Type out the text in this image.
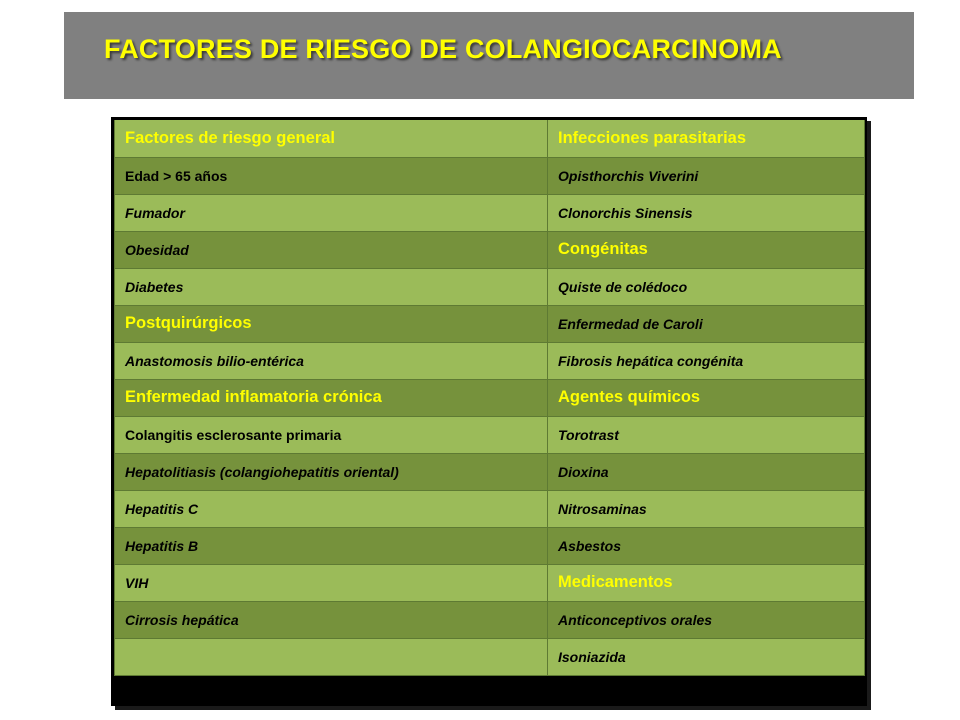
FACTORES DE RIESGO DE COLANGIOCARCINOMA
Factores de riesgo general	Infecciones parasitarias
Edad > 65 años	Opisthorchis Viverini
Fumador	Clonorchis Sinensis
Obesidad	Congénitas
Diabetes	Quiste de colédoco
Postquirúrgicos	Enfermedad de Caroli
Anastomosis bilio-entérica	Fibrosis hepática congénita
Enfermedad inflamatoria crónica	Agentes químicos
Colangitis esclerosante primaria	Torotrast
Hepatolitiasis (colangiohepatitis oriental)	Dioxina
Hepatitis C	Nitrosaminas
Hepatitis B	Asbestos
VIH	Medicamentos
Cirrosis hepática	Anticonceptivos orales
	Isoniazida
